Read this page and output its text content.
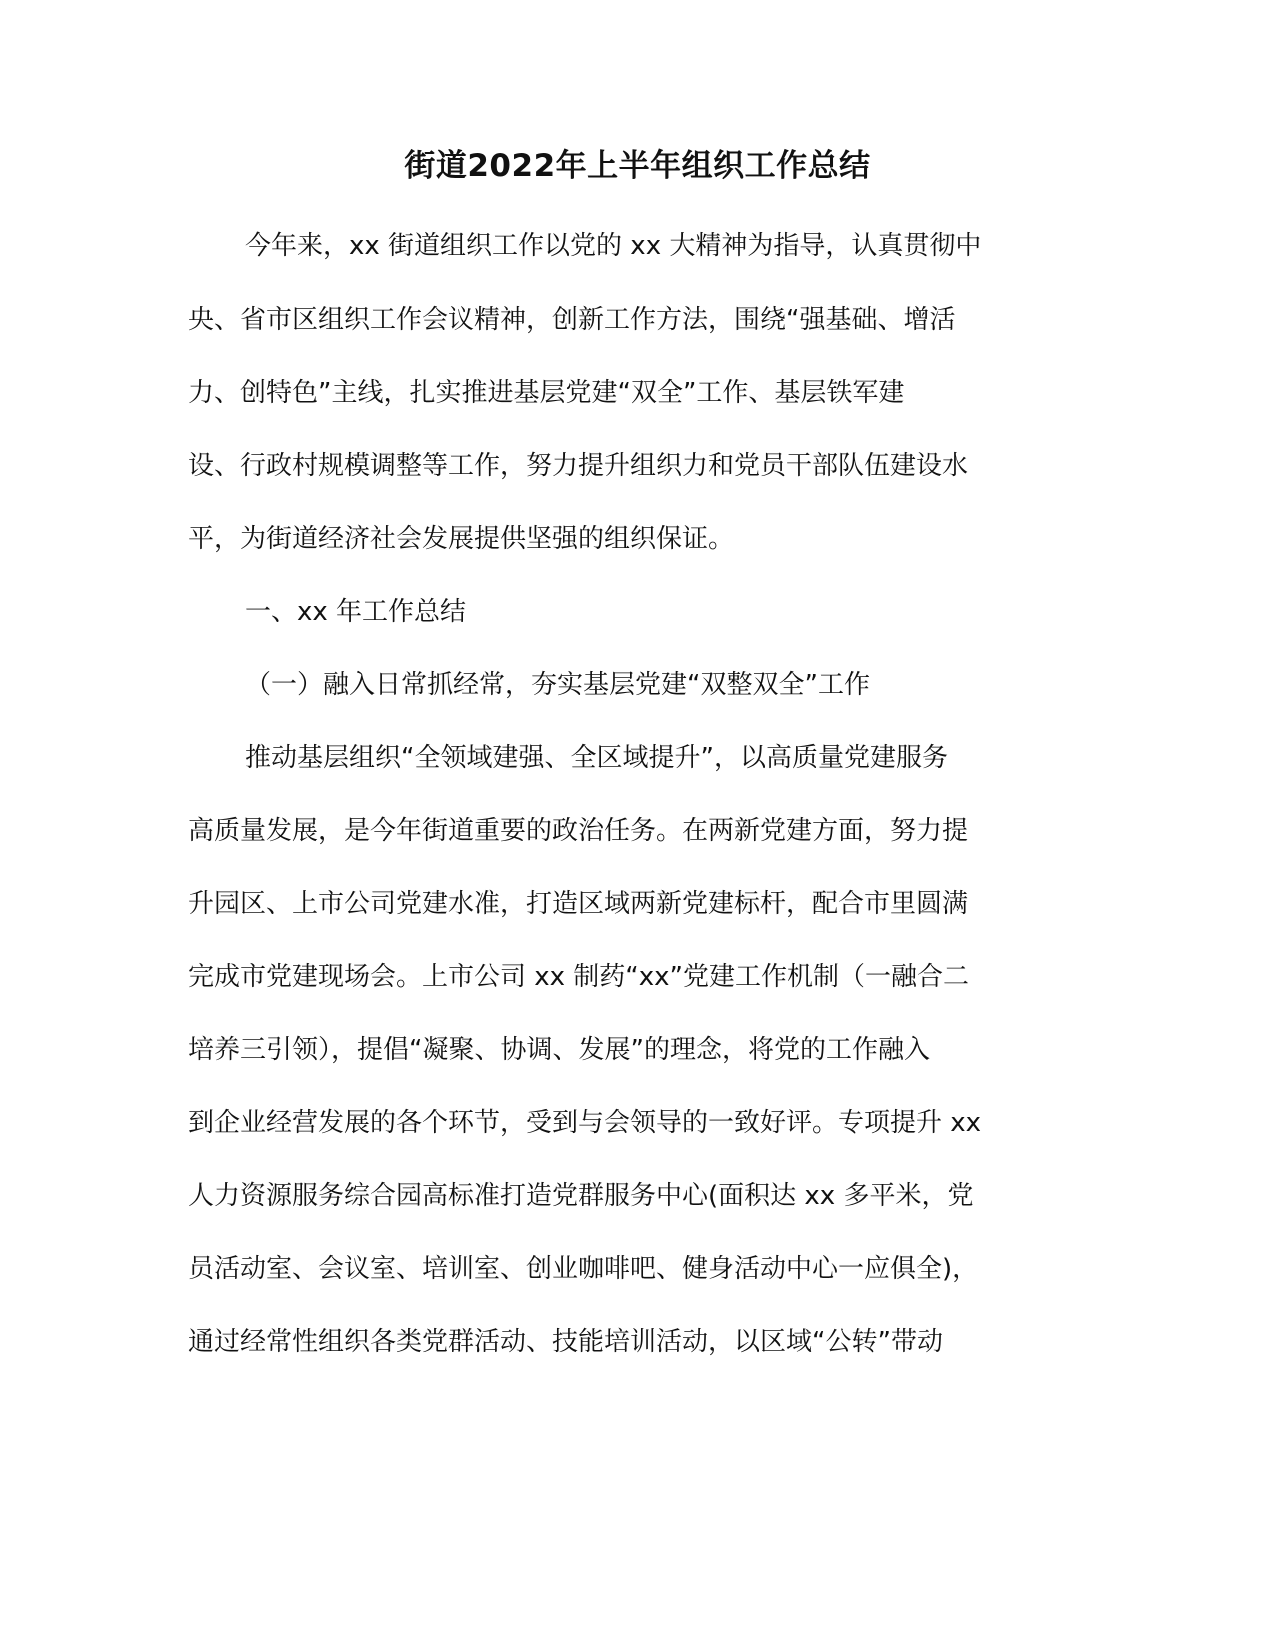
街道2022年上半年组织工作总结
今年来，xx 街道组织工作以党的 xx 大精神为指导，认真贯彻中
央、省市区组织工作会议精神，创新工作方法，围绕“强基础、增活
力、创特色”主线，扎实推进基层党建“双全”工作、基层铁军建
设、行政村规模调整等工作，努力提升组织力和党员干部队伍建设水
平，为街道经济社会发展提供坚强的组织保证。
一、xx 年工作总结
（一）融入日常抓经常，夯实基层党建“双整双全”工作
推动基层组织“全领域建强、全区域提升”，以高质量党建服务
高质量发展，是今年街道重要的政治任务。在两新党建方面，努力提
升园区、上市公司党建水准，打造区域两新党建标杆，配合市里圆满
完成市党建现场会。上市公司 xx 制药“xx”党建工作机制（一融合二
培养三引领），提倡“凝聚、协调、发展”的理念，将党的工作融入
到企业经营发展的各个环节，受到与会领导的一致好评。专项提升 xx
人力资源服务综合园高标准打造党群服务中心(面积达 xx 多平米，党
员活动室、会议室、培训室、创业咖啡吧、健身活动中心一应俱全)，
通过经常性组织各类党群活动、技能培训活动，以区域“公转”带动
